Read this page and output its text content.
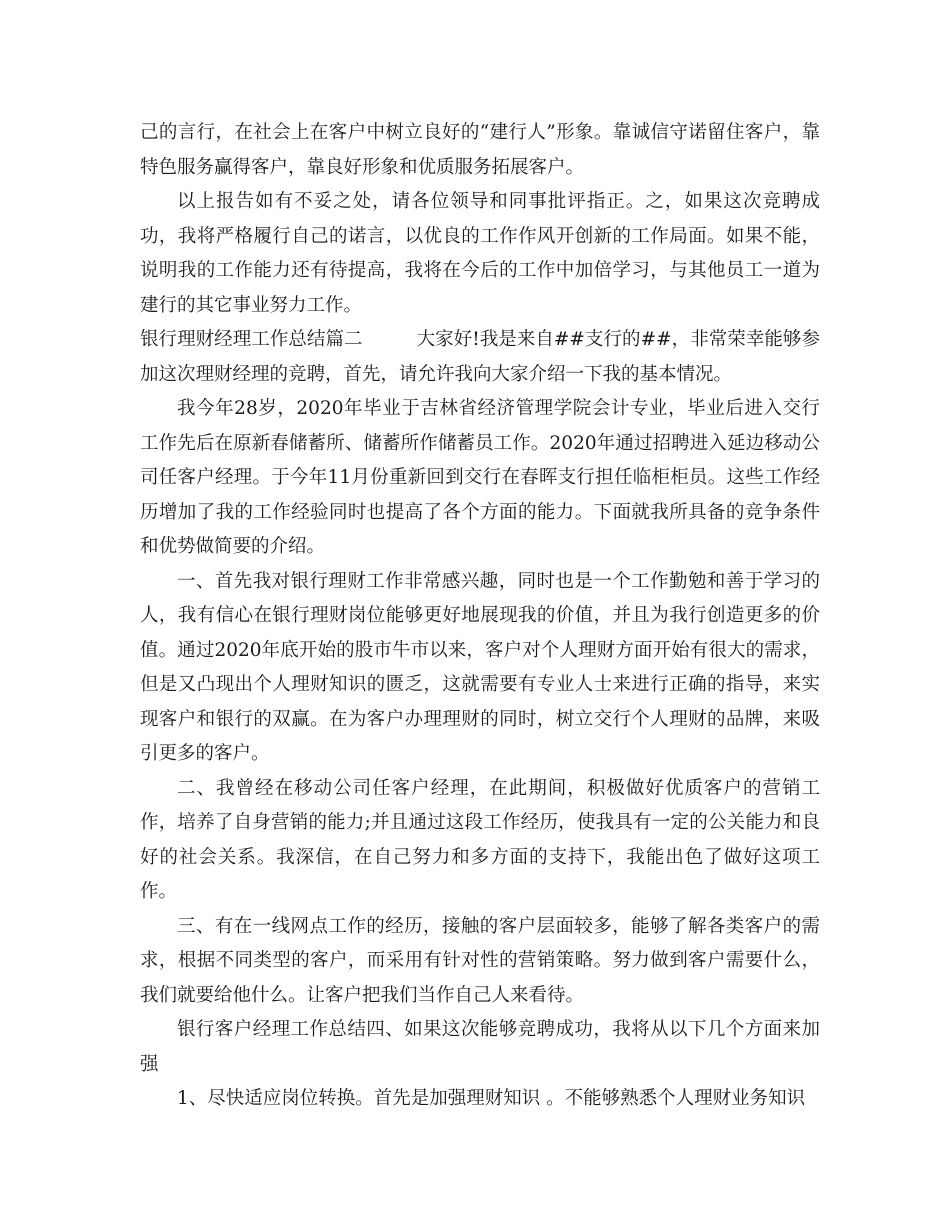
己的言行，在社会上在客户中树立良好的“建行人”形象。靠诚信守诺留住客户，靠特色服务赢得客户，靠良好形象和优质服务拓展客户。

以上报告如有不妥之处，请各位领导和同事批评指正。之，如果这次竞聘成功，我将严格履行自己的诺言，以优良的工作作风开创新的工作局面。如果不能，说明我的工作能力还有待提高，我将在今后的工作中加倍学习，与其他员工一道为建行的其它事业努力工作。

银行理财经理工作总结篇二	大家好!我是来自##支行的##，非常荣幸能够参加这次理财经理的竞聘，首先，请允许我向大家介绍一下我的基本情况。

我今年28岁，2020年毕业于吉林省经济管理学院会计专业，毕业后进入交行工作先后在原新春储蓄所、储蓄所作储蓄员工作。2020年通过招聘进入延边移动公司任客户经理。于今年11月份重新回到交行在春晖支行担任临柜柜员。这些工作经历增加了我的工作经验同时也提高了各个方面的能力。下面就我所具备的竞争条件和优势做简要的介绍。

一、首先我对银行理财工作非常感兴趣，同时也是一个工作勤勉和善于学习的人，我有信心在银行理财岗位能够更好地展现我的价值，并且为我行创造更多的价值。通过2020年底开始的股市牛市以来，客户对个人理财方面开始有很大的需求，但是又凸现出个人理财知识的匮乏，这就需要有专业人士来进行正确的指导，来实现客户和银行的双赢。在为客户办理理财的同时，树立交行个人理财的品牌，来吸引更多的客户。

二、我曾经在移动公司任客户经理，在此期间，积极做好优质客户的营销工作，培养了自身营销的能力;并且通过这段工作经历，使我具有一定的公关能力和良好的社会关系。我深信，在自己努力和多方面的支持下，我能出色了做好这项工作。

三、有在一线网点工作的经历，接触的客户层面较多，能够了解各类客户的需求，根据不同类型的客户，而采用有针对性的营销策略。努力做到客户需要什么，我们就要给他什么。让客户把我们当作自己人来看待。

银行客户经理工作总结四、如果这次能够竞聘成功，我将从以下几个方面来加强

1、尽快适应岗位转换。首先是加强理财知识 。不能够熟悉个人理财业务知识
